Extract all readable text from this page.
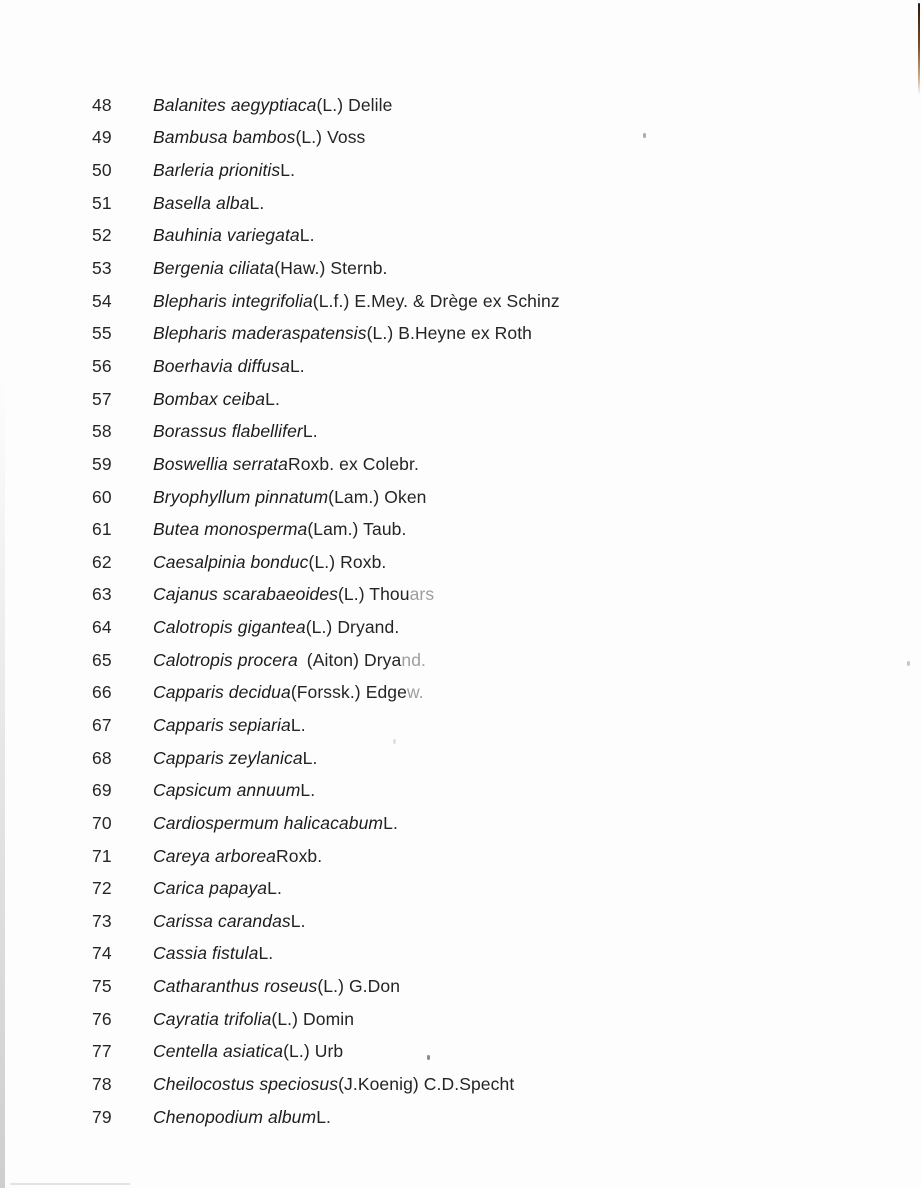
48	Balanites aegyptiaca (L.) Delile
49	Bambusa bambos (L.) Voss
50	Barleria prionitis L.
51	Basella alba L.
52	Bauhinia variegata L.
53	Bergenia ciliata (Haw.) Sternb.
54	Blepharis integrifolia (L.f.) E.Mey. & Drège ex Schinz
55	Blepharis maderaspatensis (L.) B.Heyne ex Roth
56	Boerhavia diffusa L.
57	Bombax ceiba L.
58	Borassus flabellifer L.
59	Boswellia serrata Roxb. ex Colebr.
60	Bryophyllum pinnatum (Lam.) Oken
61	Butea monosperma (Lam.) Taub.
62	Caesalpinia bonduc (L.) Roxb.
63	Cajanus scarabaeoides (L.) Thouars
64	Calotropis gigantea (L.) Dryand.
65	Calotropis procera (Aiton) Dryand.
66	Capparis decidua (Forssk.) Edgew.
67	Capparis sepiaria L.
68	Capparis zeylanica L.
69	Capsicum annuum L.
70	Cardiospermum halicacabum L.
71	Careya arborea Roxb.
72	Carica papaya L.
73	Carissa carandas L.
74	Cassia fistula L.
75	Catharanthus roseus (L.) G.Don
76	Cayratia trifolia (L.) Domin
77	Centella asiatica (L.) Urb
78	Cheilocostus speciosus (J.Koenig) C.D.Specht
79	Chenopodium album L.
